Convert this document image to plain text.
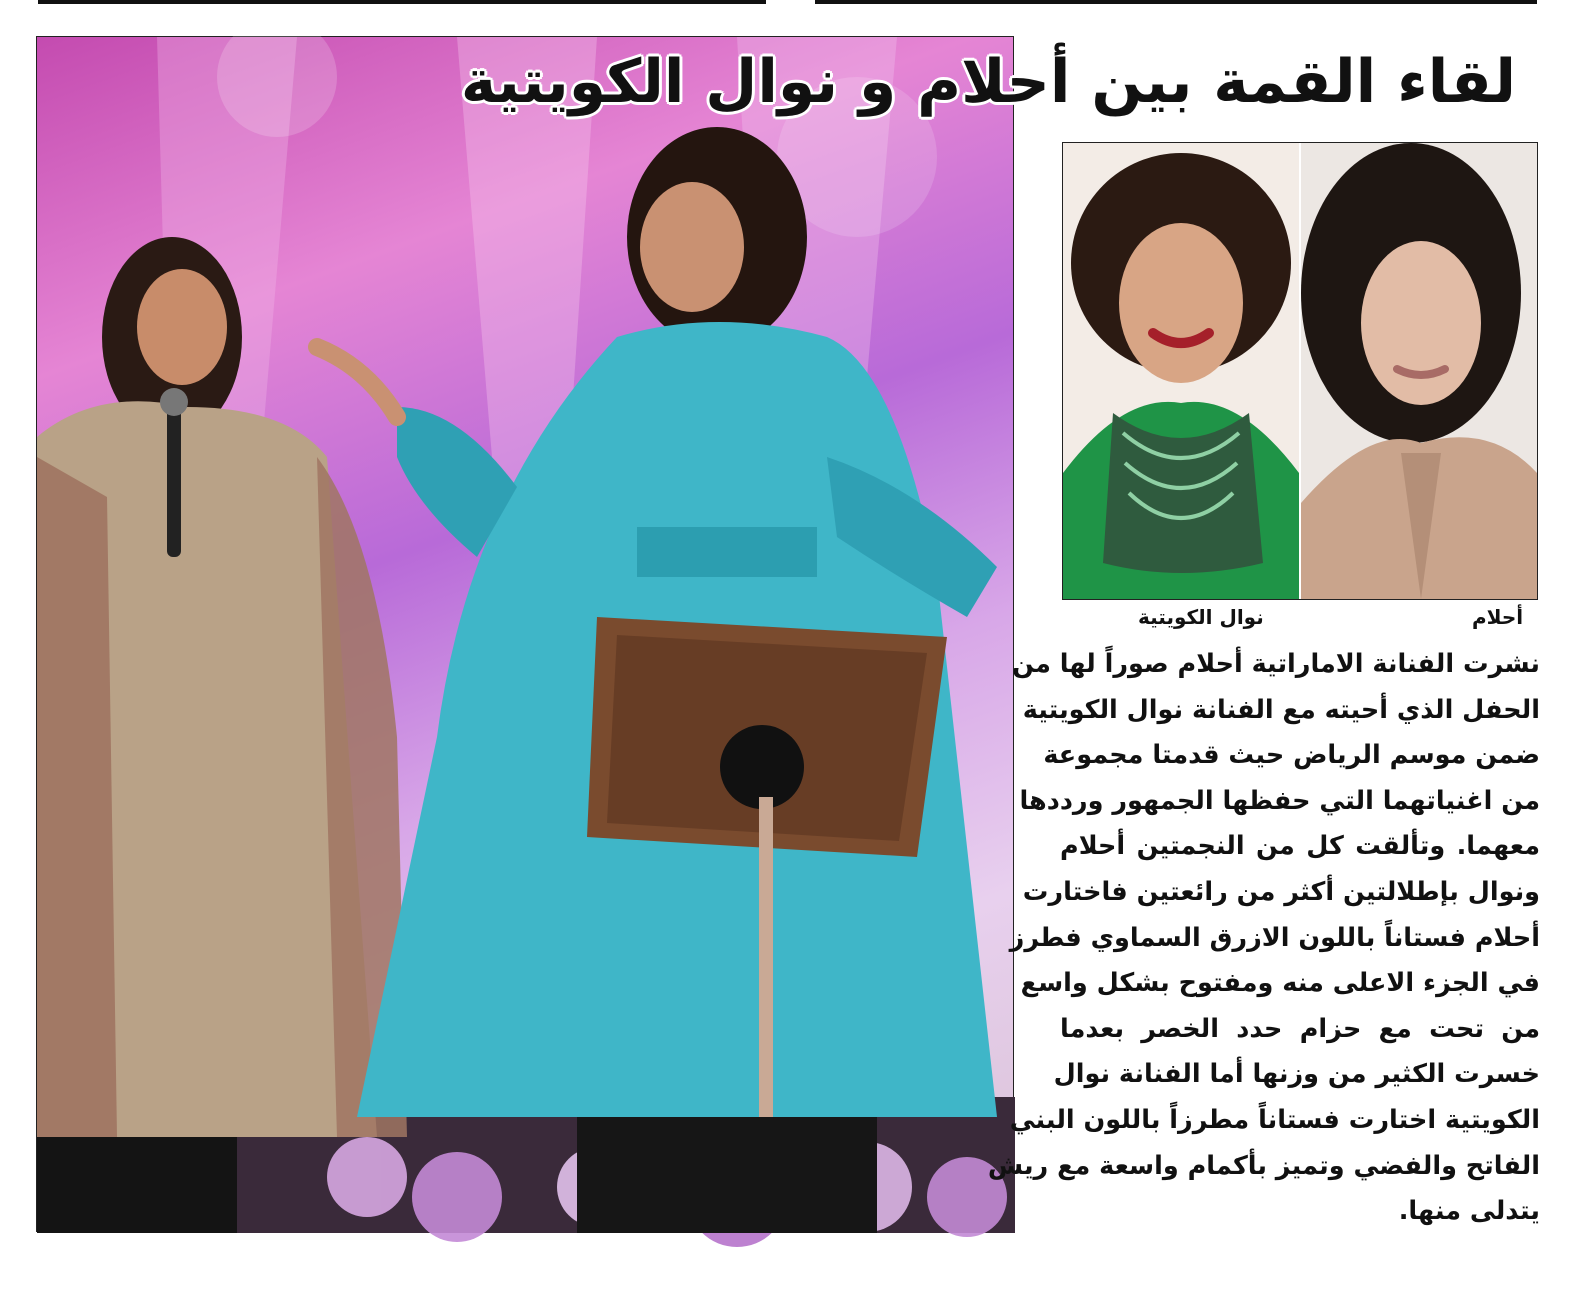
لقاء القمة بين أحلام و نوال الكويتية
أحلام
نوال الكويتية
نشرت الفنانة الاماراتية أحلام صوراً لها من
الحفل الذي أحيته مع الفنانة نوال الكويتية
ضمن موسم الرياض حيث قدمتا مجموعة
من اغنياتهما التي حفظها الجمهور ورددها
معهما. وتألقت كل من النجمتين أحلام
ونوال بإطلالتين أكثر من رائعتين فاختارت
أحلام فستاناً باللون الازرق السماوي فطرز
في الجزء الاعلى منه ومفتوح بشكل واسع
من تحت مع حزام حدد الخصر بعدما
خسرت الكثير من وزنها أما الفنانة نوال
الكويتية اختارت فستاناً مطرزاً باللون البني
الفاتح والفضي وتميز بأكمام واسعة مع ريش
يتدلى منها.
